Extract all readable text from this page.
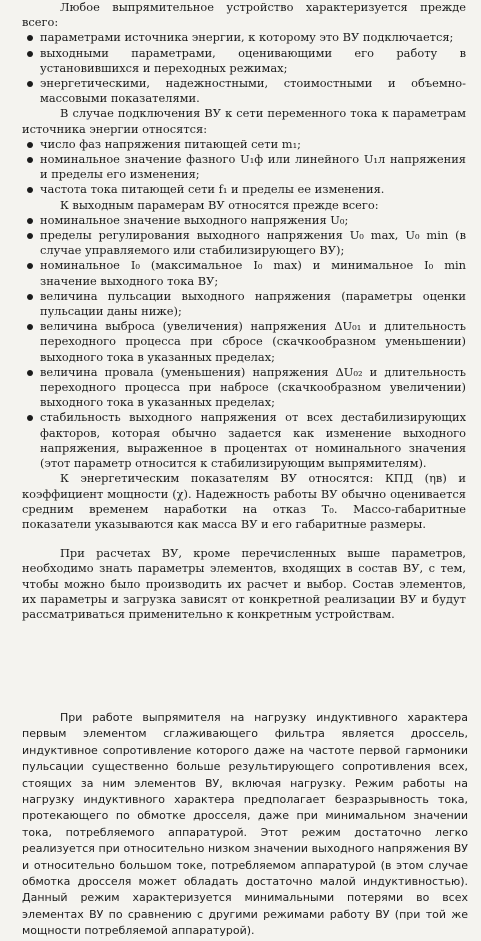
Любое выпрямительное устройство характеризуется прежде всего:

параметрами источника энергии, к которому это ВУ подключается;
выходными параметрами, оценивающими его работу в установившихся и переходных режимах;
энергетическими, надежностными, стоимостными и объемно-массовыми показателями.

В случае подключения ВУ к сети переменного тока к параметрам источника энергии относятся:

число фаз напряжения питающей сети m₁;
номинальное значение фазного U₁ф или линейного U₁л напряжения и пределы его изменения;
частота тока питающей сети f₁ и пределы ее изменения.

К выходным парамерам ВУ относятся прежде всего:

номинальное значение выходного напряжения U₀;
пределы регулирования выходного напряжения U₀ max, U₀ min (в случае управляемого или стабилизирующего ВУ);
номинальное I₀ (максимальное I₀ max) и минимальное I₀ min значение выходного тока ВУ;
величина пульсации выходного напряжения (параметры оценки пульсации даны ниже);
величина выброса (увеличения) напряжения ΔU₀₁ и длительность переходного процесса при сбросе (скачкообразном уменьшении) выходного тока в указанных пределах;
величина провала (уменьшения) напряжения ΔU₀₂ и длительность переходного процесса при набросе (скачкообразном увеличении) выходного тока в указанных пределах;
стабильность выходного напряжения от всех дестабилизирующих факторов, которая обычно задается как изменение выходного напряжения, выраженное в процентах от номинального значения (этот параметр относится к стабилизирующим выпрямителям).

К энергетическим показателям ВУ относятся: КПД (ηв) и коэффициент мощности (χ). Надежность работы ВУ обычно оценивается средним временем наработки на отказ T₀. Массо-габаритные показатели указываются как масса ВУ и его габаритные размеры.

При расчетах ВУ, кроме перечисленных выше параметров, необходимо знать параметры элементов, входящих в состав ВУ, с тем, чтобы можно было производить их расчет и выбор. Состав элементов, их параметры и загрузка зависят от конкретной реализации ВУ и будут рассматриваться применительно к конкретным устройствам.

При работе выпрямителя на нагрузку индуктивного характера первым элементом сглаживающего фильтра является дроссель, индуктивное сопротивление которого даже на частоте первой гармоники пульсации существенно больше результирующего сопротивления всех, стоящих за ним элементов ВУ, включая нагрузку. Режим работы на нагрузку индуктивного характера предполагает безразрывность тока, протекающего по обмотке дросселя, даже при минимальном значении тока, потребляемого аппаратурой. Этот режим достаточно легко реализуется при относительно низком значении выходного напряжения ВУ и относительно большом токе, потребляемом аппаратурой (в этом случае обмотка дросселя может обладать достаточно малой индуктивностью). Данный режим характеризуется минимальными потерями во всех элементах ВУ по сравнению с другими режимами работу ВУ (при той же мощности потребляемой аппаратурой).
